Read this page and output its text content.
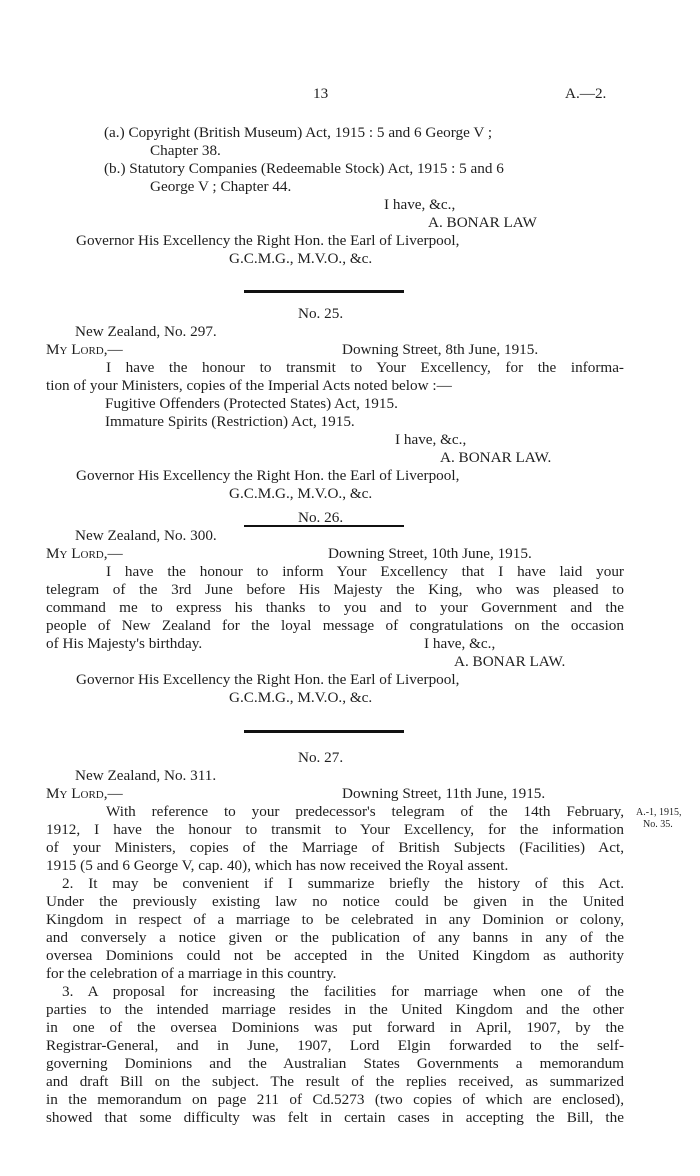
13	A.—2.
(a.) Copyright (British Museum) Act, 1915 : 5 and 6 George V ;
Chapter 38.
(b.) Statutory Companies (Redeemable Stock) Act, 1915 : 5 and 6
George V ; Chapter 44.
I have, &c.,
A. BONAR LAW
Governor His Excellency the Right Hon. the Earl of Liverpool,
G.C.M.G., M.V.O., &c.
No. 25.
New Zealand, No. 297.
My Lord,—	Downing Street, 8th June, 1915.
I have the honour to transmit to Your Excellency, for the informa-
tion of your Ministers, copies of the Imperial Acts noted below :—
Fugitive Offenders (Protected States) Act, 1915.
Immature Spirits (Restriction) Act, 1915.
I have, &c.,
A. BONAR LAW.
Governor His Excellency the Right Hon. the Earl of Liverpool,
G.C.M.G., M.V.O., &c.
No. 26.
New Zealand, No. 300.
My Lord,—	Downing Street, 10th June, 1915.
I have the honour to inform Your Excellency that I have laid your
telegram of the 3rd June before His Majesty the King, who was pleased to
command me to express his thanks to you and to your Government and the
people of New Zealand for the loyal message of congratulations on the occasion
of His Majesty's birthday.	I have, &c.,
A. BONAR LAW.
Governor His Excellency the Right Hon. the Earl of Liverpool,
G.C.M.G., M.V.O., &c.
No. 27.
New Zealand, No. 311.
My Lord,—	Downing Street, 11th June, 1915.
With reference to your predecessor's telegram of the 14th February,
1912, I have the honour to transmit to Your Excellency, for the information
of your Ministers, copies of the Marriage of British Subjects (Facilities) Act,
1915 (5 and 6 George V, cap. 40), which has now received the Royal assent.
2. It may be convenient if I summarize briefly the history of this Act.
Under the previously existing law no notice could be given in the United
Kingdom in respect of a marriage to be celebrated in any Dominion or colony,
and conversely a notice given or the publication of any banns in any of the
oversea Dominions could not be accepted in the United Kingdom as authority
for the celebration of a marriage in this country.
3. A proposal for increasing the facilities for marriage when one of the
parties to the intended marriage resides in the United Kingdom and the other
in one of the oversea Dominions was put forward in April, 1907, by the
Registrar-General, and in June, 1907, Lord Elgin forwarded to the self-
governing Dominions and the Australian States Governments a memorandum
and draft Bill on the subject. The result of the replies received, as summarized
in the memorandum on page 211 of Cd.5273 (two copies of which are enclosed),
showed that some difficulty was felt in certain cases in accepting the Bill, the
A.-1, 1915,
No. 35.
